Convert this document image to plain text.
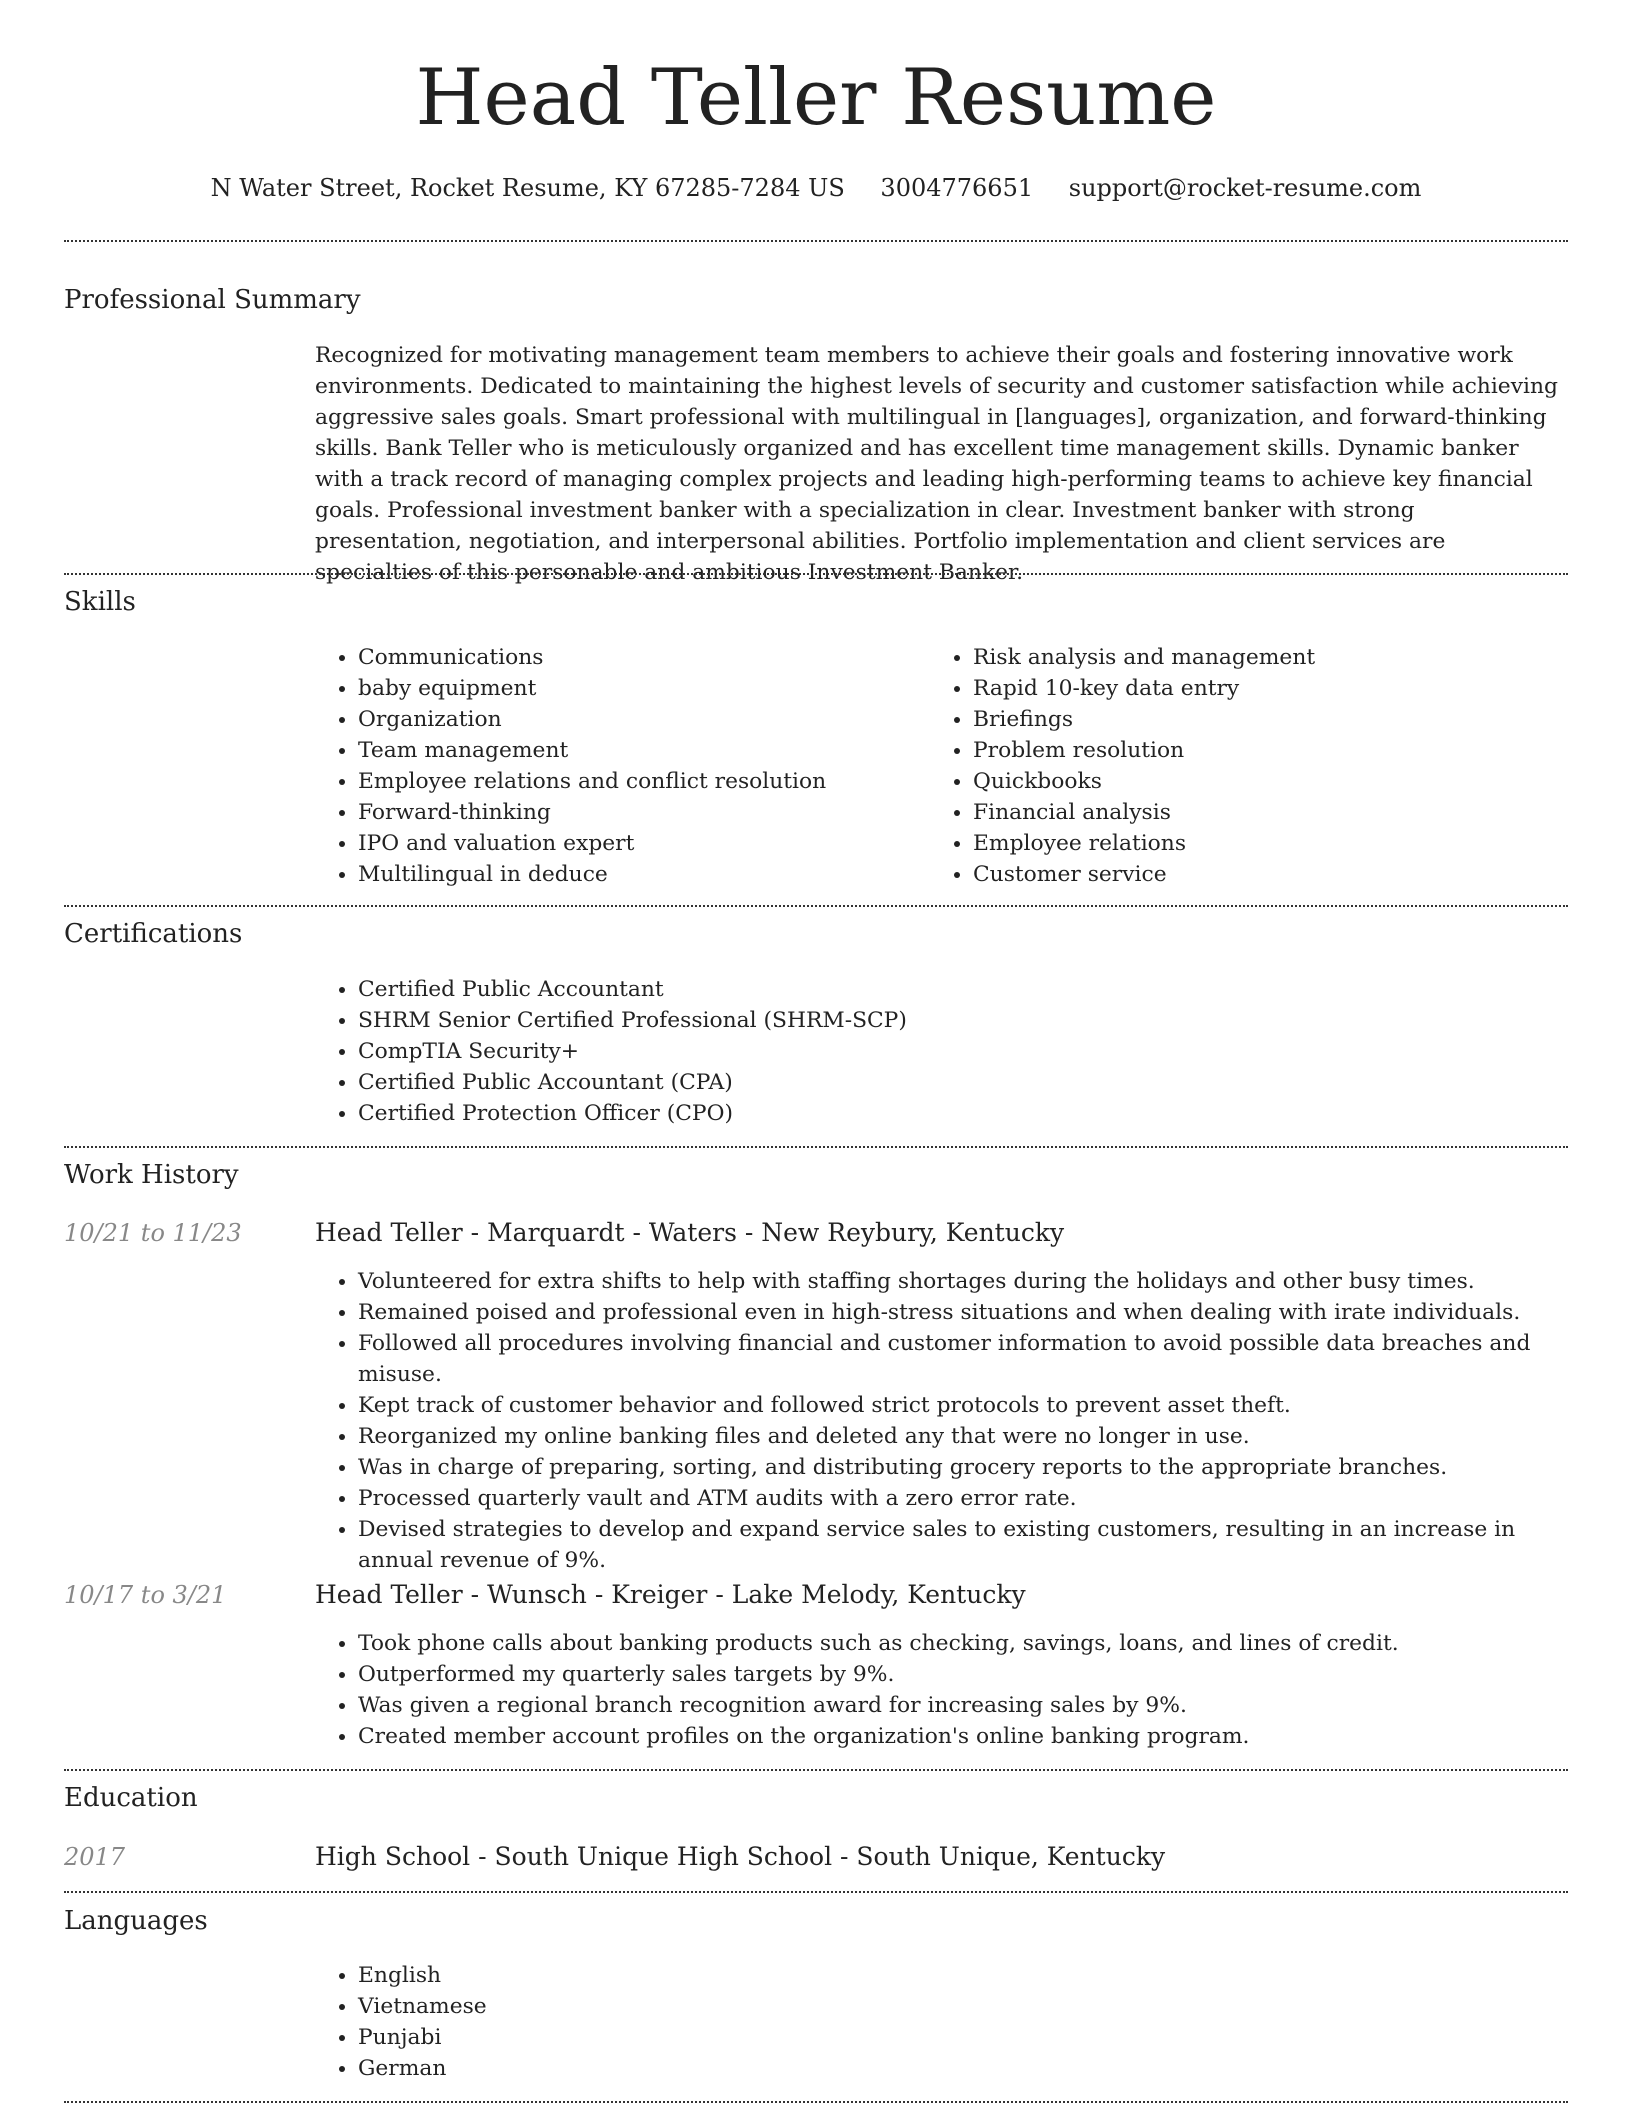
Head Teller Resume
N Water Street, Rocket Resume, KY 67285-7284 US 3004776651 support@rocket-resume.com
Professional Summary

Recognized for motivating management team members to achieve their goals and fostering innovative work environments. Dedicated to maintaining the highest levels of security and customer satisfaction while achieving aggressive sales goals. Smart professional with multilingual in [languages], organization, and forward-thinking skills. Bank Teller who is meticulously organized and has excellent time management skills. Dynamic banker with a track record of managing complex projects and leading high-performing teams to achieve key financial goals. Professional investment banker with a specialization in clear. Investment banker with strong presentation, negotiation, and interpersonal abilities. Portfolio implementation and client services are specialties of this personable and ambitious Investment Banker.

Skills
• Communications
• baby equipment
• Organization
• Team management
• Employee relations and conflict resolution
• Forward-thinking
• IPO and valuation expert
• Multilingual in deduce
• Risk analysis and management
• Rapid 10-key data entry
• Briefings
• Problem resolution
• Quickbooks
• Financial analysis
• Employee relations
• Customer service
Certifications
• Certified Public Accountant
• SHRM Senior Certified Professional (SHRM-SCP)
• CompTIA Security+
• Certified Public Accountant (CPA)
• Certified Protection Officer (CPO)
Work History
10/21 to 11/23	Head Teller - Marquardt - Waters - New Reybury, Kentucky
• Volunteered for extra shifts to help with staffing shortages during the holidays and other busy times.
• Remained poised and professional even in high-stress situations and when dealing with irate individuals.
• Followed all procedures involving financial and customer information to avoid possible data breaches and misuse.
• Kept track of customer behavior and followed strict protocols to prevent asset theft.
• Reorganized my online banking files and deleted any that were no longer in use.
• Was in charge of preparing, sorting, and distributing grocery reports to the appropriate branches.
• Processed quarterly vault and ATM audits with a zero error rate.
• Devised strategies to develop and expand service sales to existing customers, resulting in an increase in annual revenue of 9%.
10/17 to 3/21	Head Teller - Wunsch - Kreiger - Lake Melody, Kentucky
• Took phone calls about banking products such as checking, savings, loans, and lines of credit.
• Outperformed my quarterly sales targets by 9%.
• Was given a regional branch recognition award for increasing sales by 9%.
• Created member account profiles on the organization's online banking program.
Education
2017	High School - South Unique High School - South Unique, Kentucky
Languages
• English
• Vietnamese
• Punjabi
• German
